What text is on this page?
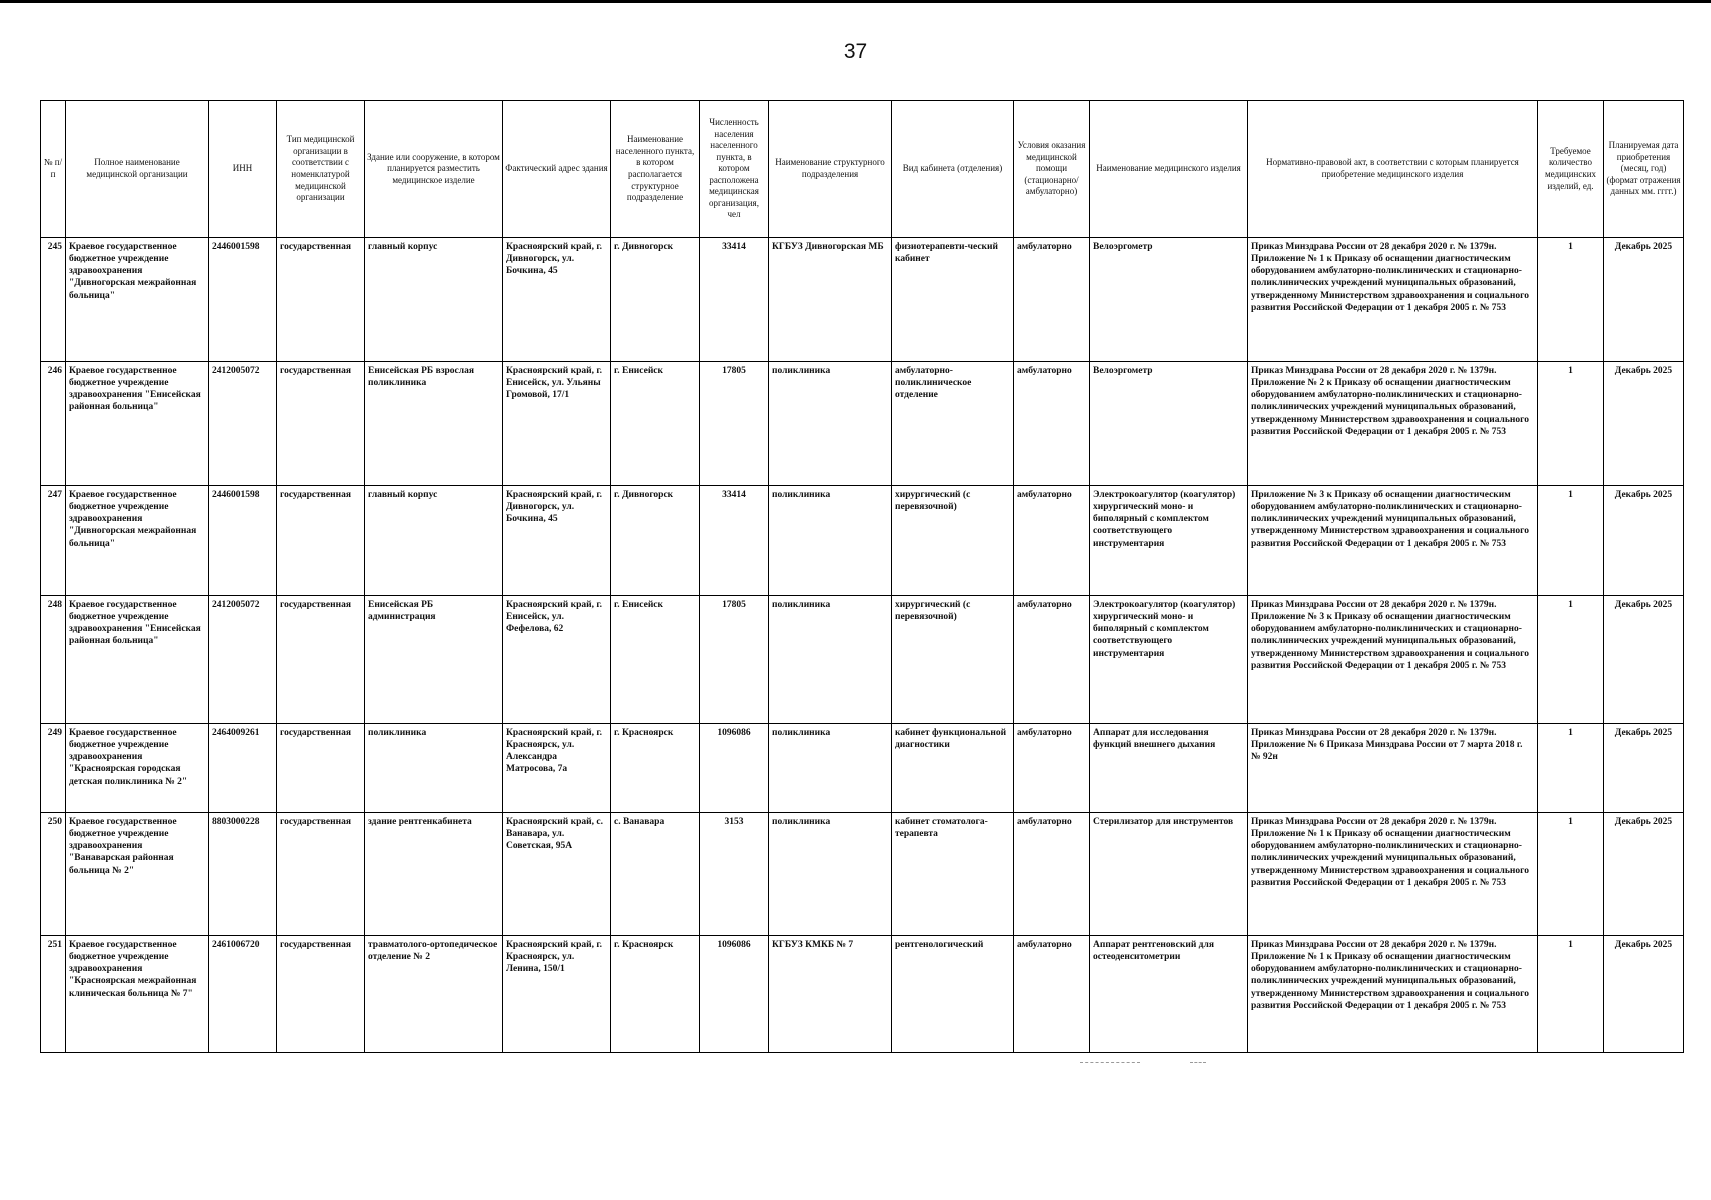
37
№ п/п	Полное наименование медицинской организации	ИНН	Тип медицинской организации в соответствии с номенклатурой медицинской организации	Здание или сооружение, в котором планируется разместить медицинское изделие	Фактический адрес здания	Наименование населенного пункта, в котором располагается структурное подразделение	Численность населения населенного пункта, в котором расположена медицинская организация, чел	Наименование структурного подразделения	Вид кабинета (отделения)	Условия оказания медицинской помощи (стационарно/амбулаторно)	Наименование медицинского изделия	Нормативно-правовой акт, в соответствии с которым планируется приобретение медицинского изделия	Требуемое количество медицинских изделий, ед.	Планируемая дата приобретения (месяц, год) (формат отражения данных мм. гггг.)
245	Краевое государственное бюджетное учреждение здравоохранения "Дивногорская межрайонная больница"	2446001598	государственная	главный корпус	Красноярский край, г. Дивногорск, ул. Бочкина, 45	г. Дивногорск	33414	КГБУЗ Дивногорская МБ	физиотерапевти-ческий кабинет	амбулаторно	Велоэргометр	Приказ Минздрава России от 28 декабря 2020 г. № 1379н. Приложение № 1 к Приказу об оснащении диагностическим оборудованием амбулаторно-поликлинических и стационарно-поликлинических учреждений муниципальных образований, утвержденному Министерством здравоохранения и социального развития Российской Федерации от 1 декабря 2005 г. № 753	1	Декабрь 2025
246	Краевое государственное бюджетное учреждение здравоохранения "Енисейская районная больница"	2412005072	государственная	Енисейская РБ взрослая поликлиника	Красноярский край, г. Енисейск, ул. Ульяны Громовой, 17/1	г. Енисейск	17805	поликлиника	амбулаторно-поликлиническое отделение	амбулаторно	Велоэргометр	Приказ Минздрава России от 28 декабря 2020 г. № 1379н. Приложение № 2 к Приказу об оснащении диагностическим оборудованием амбулаторно-поликлинических и стационарно-поликлинических учреждений муниципальных образований, утвержденному Министерством здравоохранения и социального развития Российской Федерации от 1 декабря 2005 г. № 753	1	Декабрь 2025
247	Краевое государственное бюджетное учреждение здравоохранения "Дивногорская межрайонная больница"	2446001598	государственная	главный корпус	Красноярский край, г. Дивногорск, ул. Бочкина, 45	г. Дивногорск	33414	поликлиника	хирургический (с перевязочной)	амбулаторно	Электрокоагулятор (коагулятор) хирургический моно- и биполярный с комплектом соответствующего инструментария	Приложение № 3 к Приказу об оснащении диагностическим оборудованием амбулаторно-поликлинических и стационарно-поликлинических учреждений муниципальных образований, утвержденному Министерством здравоохранения и социального развития Российской Федерации от 1 декабря 2005 г. № 753	1	Декабрь 2025
248	Краевое государственное бюджетное учреждение здравоохранения "Енисейская районная больница"	2412005072	государственная	Енисейская РБ администрация	Красноярский край, г. Енисейск, ул. Фефелова, 62	г. Енисейск	17805	поликлиника	хирургический (с перевязочной)	амбулаторно	Электрокоагулятор (коагулятор) хирургический моно- и биполярный с комплектом соответствующего инструментария	Приказ Минздрава России от 28 декабря 2020 г. № 1379н. Приложение № 3 к Приказу об оснащении диагностическим оборудованием амбулаторно-поликлинических и стационарно-поликлинических учреждений муниципальных образований, утвержденному Министерством здравоохранения и социального развития Российской Федерации от 1 декабря 2005 г. № 753	1	Декабрь 2025
249	Краевое государственное бюджетное учреждение здравоохранения "Красноярская городская детская поликлиника № 2"	2464009261	государственная	поликлиника	Красноярский край, г. Красноярск, ул. Александра Матросова, 7а	г. Красноярск	1096086	поликлиника	кабинет функциональной диагностики	амбулаторно	Аппарат для исследования функций внешнего дыхания	Приказ Минздрава России от 28 декабря 2020 г. № 1379н. Приложение № 6 Приказа Минздрава России от 7 марта 2018 г. № 92н	1	Декабрь 2025
250	Краевое государственное бюджетное учреждение здравоохранения "Ванаварская районная больница № 2"	8803000228	государственная	здание рентгенкабинета	Красноярский край, с. Ванавара, ул. Советская, 95А	с. Ванавара	3153	поликлиника	кабинет стоматолога-терапевта	амбулаторно	Стерилизатор для инструментов	Приказ Минздрава России от 28 декабря 2020 г. № 1379н. Приложение № 1 к Приказу об оснащении диагностическим оборудованием амбулаторно-поликлинических и стационарно-поликлинических учреждений муниципальных образований, утвержденному Министерством здравоохранения и социального развития Российской Федерации от 1 декабря 2005 г. № 753	1	Декабрь 2025
251	Краевое государственное бюджетное учреждение здравоохранения "Красноярская межрайонная клиническая больница № 7"	2461006720	государственная	травматолого-ортопедическое отделение № 2	Красноярский край, г. Красноярск, ул. Ленина, 150/1	г. Красноярск	1096086	КГБУЗ КМКБ № 7	рентгенологический	амбулаторно	Аппарат рентгеновский для остеоденситометрии	Приказ Минздрава России от 28 декабря 2020 г. № 1379н. Приложение № 1 к Приказу об оснащении диагностическим оборудованием амбулаторно-поликлинических и стационарно-поликлинических учреждений муниципальных образований, утвержденному Министерством здравоохранения и социального развития Российской Федерации от 1 декабря 2005 г. № 753	1	Декабрь 2025
